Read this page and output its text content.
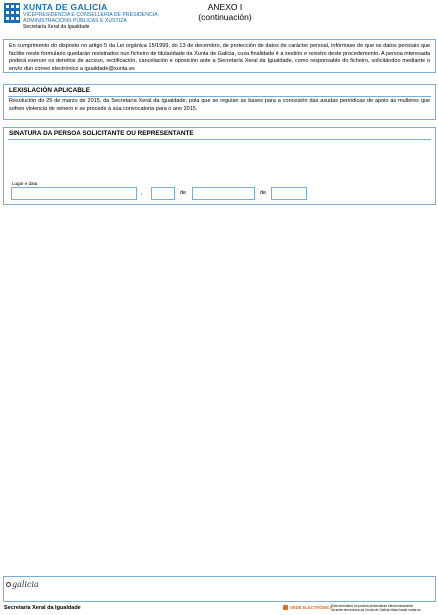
XUNTA DE GALICIA
VICEPRESIDENCIA E CONSELLERÍA DE PRESIDENCIA,
ADMINISTRACIÓNS PÚBLICAS E XUSTIZA
Secretaría Xeral da Igualdade
ANEXO I
(continuación)
En cumprimento do disposto no artigo 5 da Lei orgánica 15/1999, do 13 de decembro, de protección de datos de carácter persoal, infórmase de que os datos persoais que facilite neste formulario quedarán rexistrados nun ficheiro de titularidade da Xunta de Galicia, cuxa finalidade é a xestión e rexistro deste procedemento. A persoa interesada poderá exercer os dereitos de acceso, rectificación, cancelación e oposición ante a Secretaría Xeral da Igualdade, como responsable do ficheiro, solicitándoo mediante o envío dun correo electrónico a igualdade@xunta.es
LEXISLACIÓN APLICABLE
Resolución do 25 de marzo de 2015, da Secretaría Xeral da Igualdade, pola que se regulan as bases para a concesión das axudas periódicas de apoio ás mulleres que sofren violencia de xénero e se procede á súa convocatoria para o ano 2015.
SINATURA DA PERSOA SOLICITANTE OU REPRESENTANTE
Lugar e data
,	de	de
galicia
Secretaría Xeral da Igualdade	SEDE ELECTRÓNICA
Este formulario só poderá presentarse electronicamente
na sede electrónica da Xunta de Galicia https://sede.xunta.es
